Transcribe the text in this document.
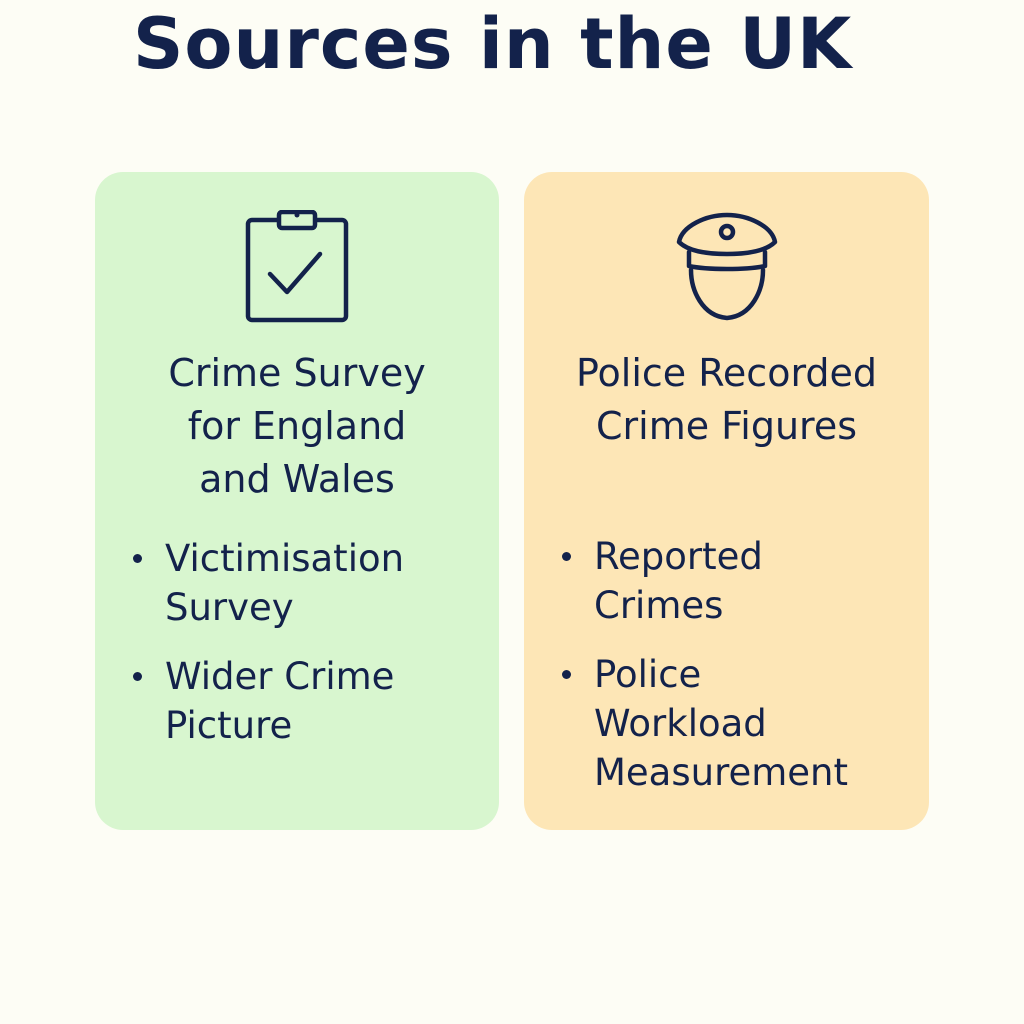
Sources in the UK
Crime Survey
for England
and Wales
Victimisation
Survey
Wider Crime
Picture
Police Recorded
Crime Figures
Reported
Crimes
Police
Workload
Measurement
